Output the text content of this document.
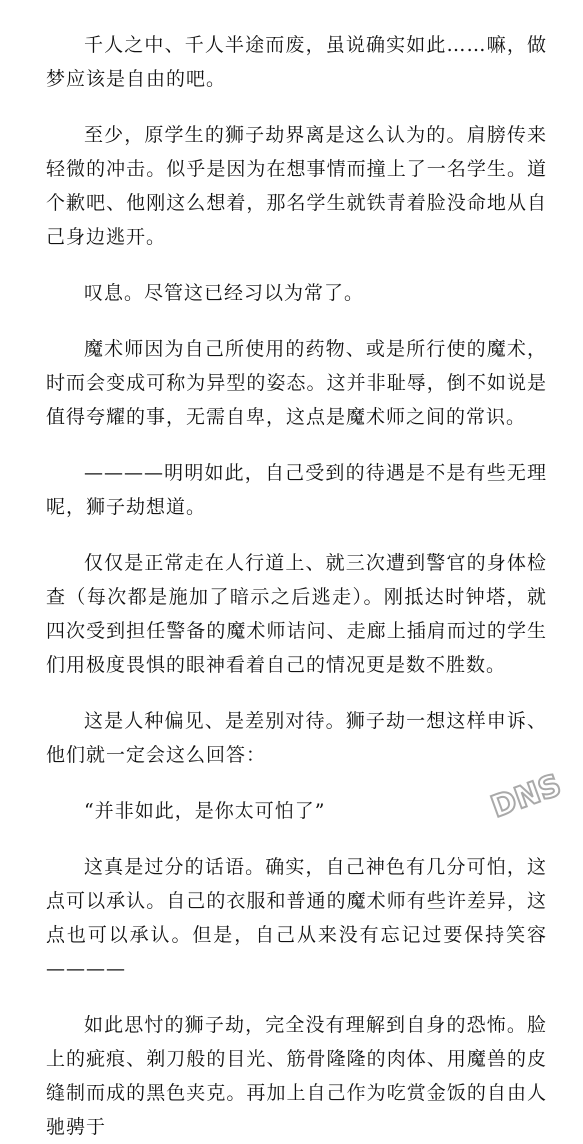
千人之中、千人半途而废，虽说确实如此……嘛，做梦应该是自由的吧。

至少，原学生的狮子劫界离是这么认为的。肩膀传来轻微的冲击。似乎是因为在想事情而撞上了一名学生。道个歉吧、他刚这么想着，那名学生就铁青着脸没命地从自己身边逃开。

叹息。尽管这已经习以为常了。

魔术师因为自己所使用的药物、或是所行使的魔术，时而会变成可称为异型的姿态。这并非耻辱，倒不如说是值得夸耀的事，无需自卑，这点是魔术师之间的常识。

————明明如此，自己受到的待遇是不是有些无理呢，狮子劫想道。

仅仅是正常走在人行道上、就三次遭到警官的身体检查（每次都是施加了暗示之后逃走）。刚抵达时钟塔，就四次受到担任警备的魔术师诘问、走廊上插肩而过的学生们用极度畏惧的眼神看着自己的情况更是数不胜数。

这是人种偏见、是差别对待。狮子劫一想这样申诉、他们就一定会这么回答：

“并非如此，是你太可怕了”

这真是过分的话语。确实，自己神色有几分可怕，这点可以承认。自己的衣服和普通的魔术师有些许差异，这点也可以承认。但是，自己从来没有忘记过要保持笑容————

如此思忖的狮子劫，完全没有理解到自身的恐怖。脸上的疵痕、剃刀般的目光、筋骨隆隆的肉体、用魔兽的皮缝制而成的黑色夹克。再加上自己作为吃赏金饭的自由人驰骋于

DNS
